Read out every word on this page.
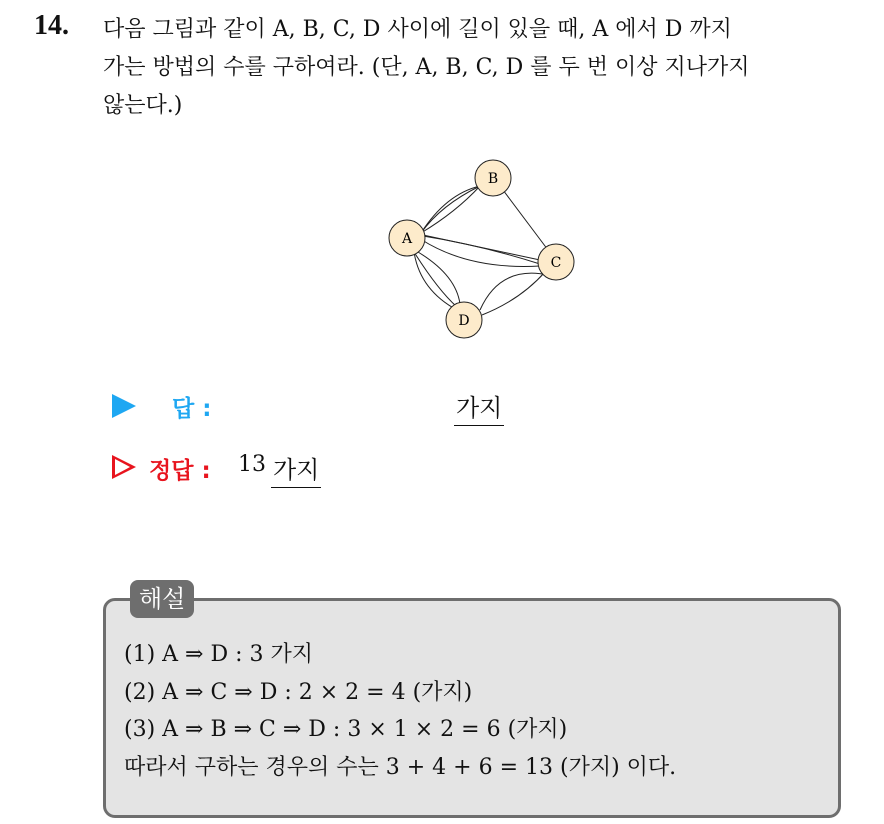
14. 다음 그림과 같이 A, B, C, D 사이에 길이 있을 때, A 에서 D 까지
가는 방법의 수를 구하여라. (단, A, B, C, D 를 두 번 이상 지나가지
않는다.)
A
B
C
D
답 :	가지
정답 : 13 가지
해설
(1) A ⇒ D : 3 가지
(2) A ⇒ C ⇒ D : 2 × 2 = 4 (가지)
(3) A ⇒ B ⇒ C ⇒ D : 3 × 1 × 2 = 6 (가지)
따라서 구하는 경우의 수는 3 + 4 + 6 = 13 (가지) 이다.
